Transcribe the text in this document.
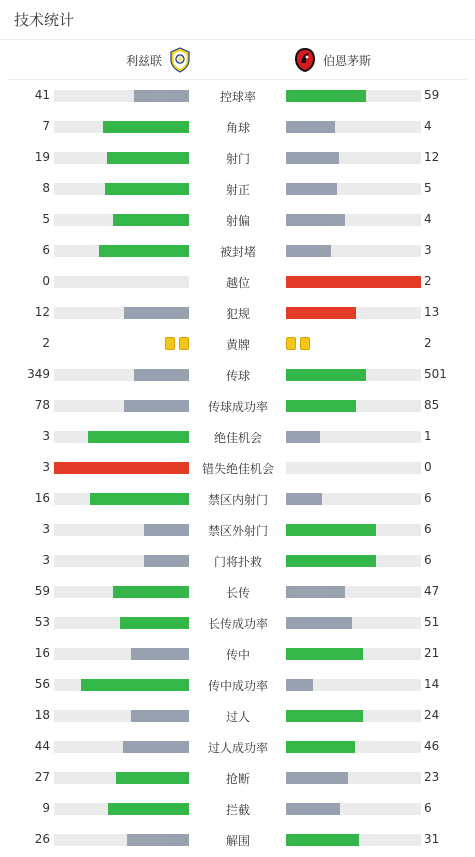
技术统计
利兹联	伯恩茅斯
41	控球率	59
7	角球	4
19	射门	12
8	射正	5
5	射偏	4
6	被封堵	3
0	越位	2
12	犯规	13
2	黄牌	2
349	传球	501
78	传球成功率	85
3	绝佳机会	1
3	错失绝佳机会	0
16	禁区内射门	6
3	禁区外射门	6
3	门将扑救	6
59	长传	47
53	长传成功率	51
16	传中	21
56	传中成功率	14
18	过人	24
44	过人成功率	46
27	抢断	23
9	拦截	6
26	解围	31
